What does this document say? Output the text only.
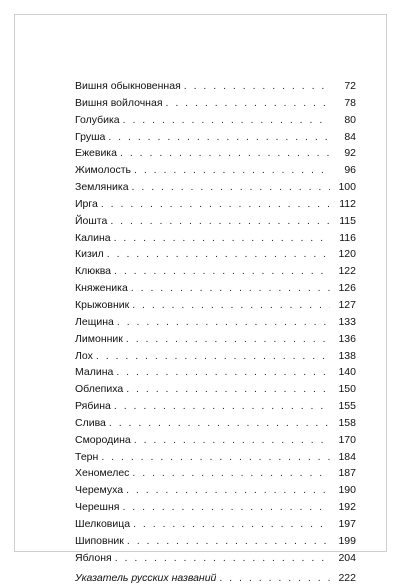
Вишня обыкновенная . . .	72
Вишня войлочная . . .	78
Голубика . . .	80
Груша . . .	84
Ежевика . . .	92
Жимолость . . .	96
Земляника . . .	100
Ирга . . .	112
Йошта . . .	115
Калина . . .	116
Кизил . . .	120
Клюква . . .	122
Княженика . . .	126
Крыжовник . . .	127
Лещина . . .	133
Лимонник . . .	136
Лох . . .	138
Малина . . .	140
Облепиха . . .	150
Рябина . . .	155
Слива . . .	158
Смородина . . .	170
Терн . . .	184
Хеномелес . . .	187
Черемуха . . .	190
Черешня . . .	192
Шелковица . . .	197
Шиповник . . .	199
Яблоня . . .	204
Указатель русских названий . . .	222
